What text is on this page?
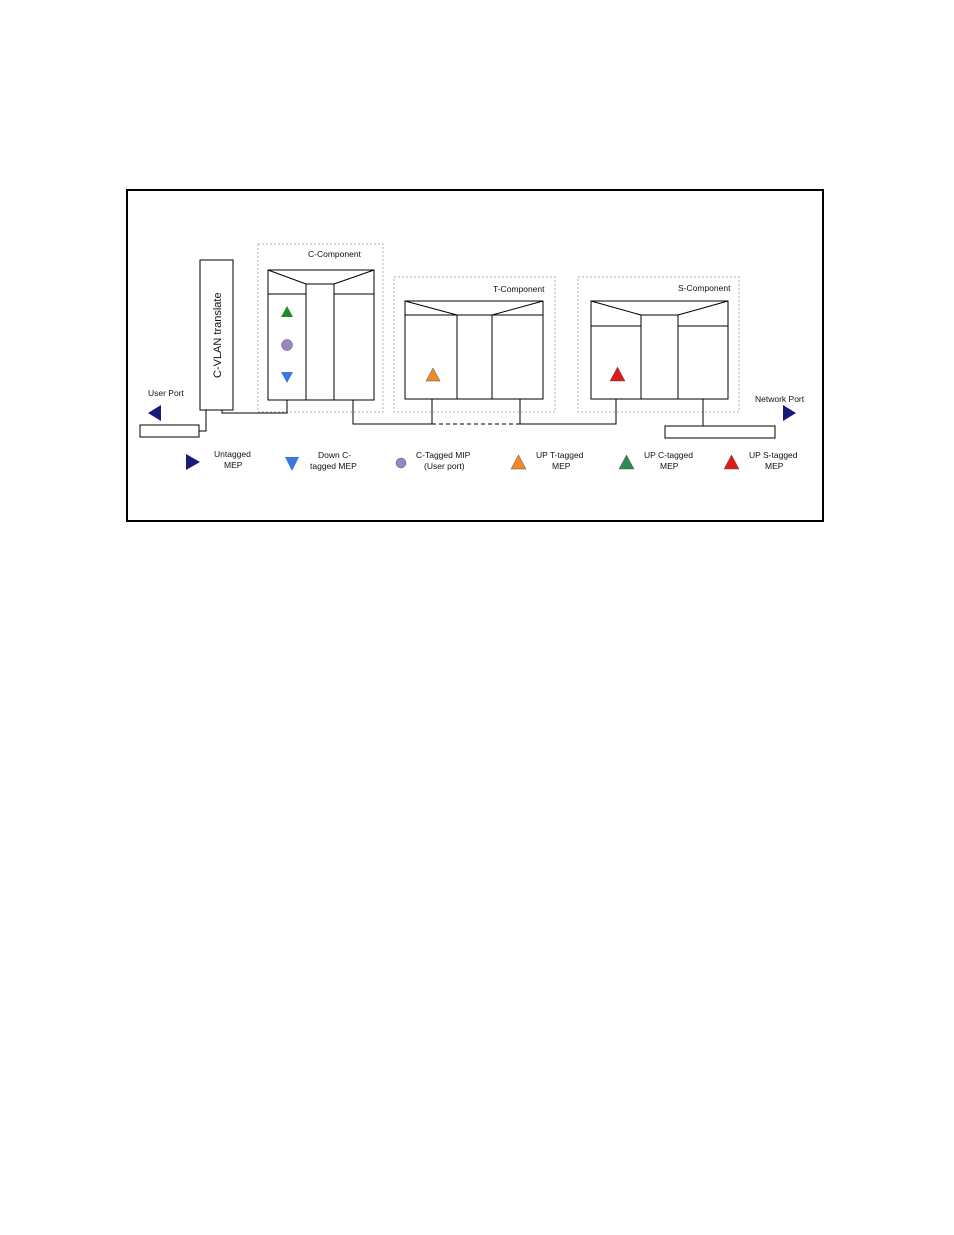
C-Component
T-Component	S-Component
C-VLAN translate
User Port
Network Port
Untagged
MEP
Down C-
tagged MEP
C-Tagged MIP
(User port)
UP T-tagged
MEP
UP C-tagged
MEP
UP S-tagged
MEP
